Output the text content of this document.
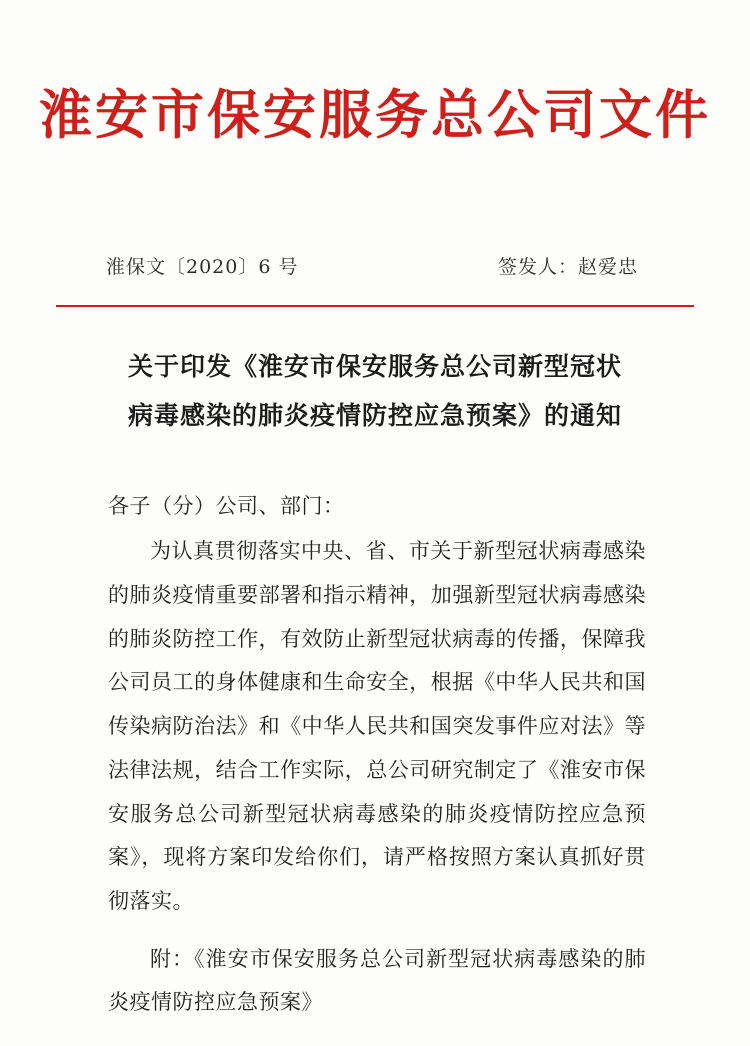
淮安市保安服务总公司文件
淮保文〔2020〕6 号	签发人：赵爱忠
关于印发《淮安市保安服务总公司新型冠状
病毒感染的肺炎疫情防控应急预案》的通知
各子（分）公司、部门：

为认真贯彻落实中央、省、市关于新型冠状病毒感染的肺炎疫情重要部署和指示精神，加强新型冠状病毒感染的肺炎防控工作，有效防止新型冠状病毒的传播，保障我公司员工的身体健康和生命安全，根据《中华人民共和国传染病防治法》和《中华人民共和国突发事件应对法》等法律法规，结合工作实际，总公司研究制定了《淮安市保安服务总公司新型冠状病毒感染的肺炎疫情防控应急预案》，现将方案印发给你们，请严格按照方案认真抓好贯彻落实。

附：《淮安市保安服务总公司新型冠状病毒感染的肺炎疫情防控应急预案》
